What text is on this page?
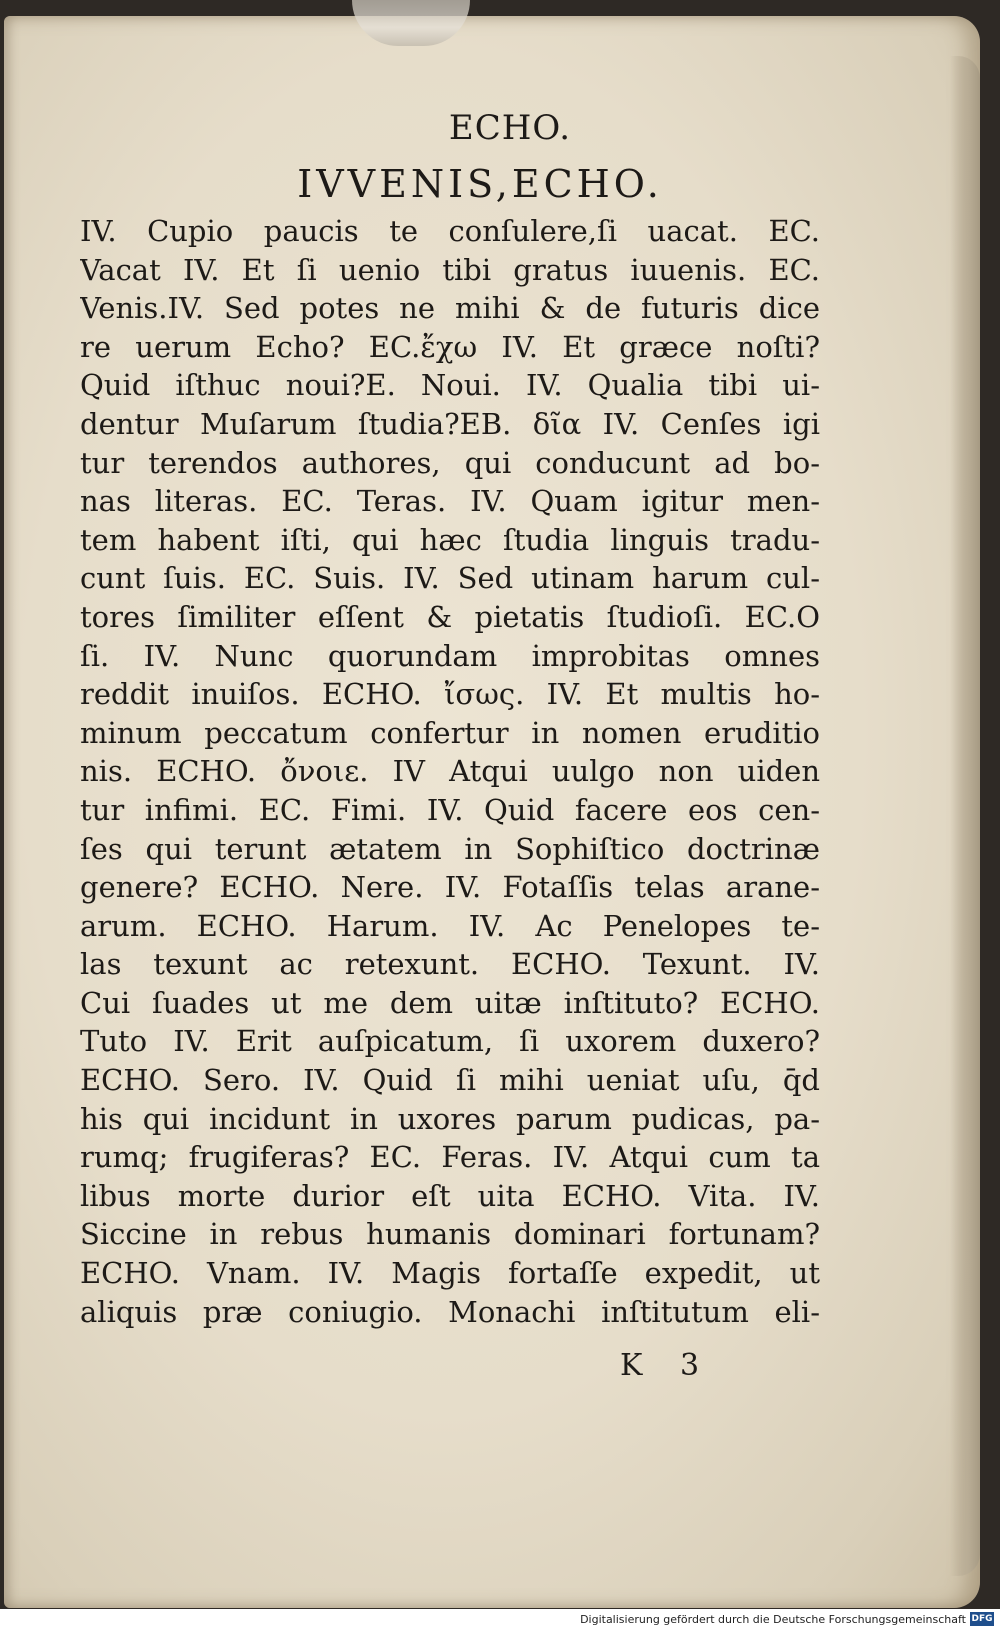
ECHO.
IVVENIS,ECHO.
IV. Cupio paucis te conſulere,ſi uacat. EC.
Vacat IV. Et ſi uenio tibi gratus iuuenis. EC.
Venis.IV. Sed potes ne mihi & de futuris dice
re uerum Echo? EC.ἔχω IV. Et græce noſti?
Quid iſthuc noui?E. Noui. IV. Qualia tibi ui-
dentur Muſarum ſtudia?EB. δῖα IV. Cenſes igi
tur terendos authores, qui conducunt ad bo-
nas literas. EC. Teras. IV. Quam igitur men-
tem habent iſti, qui hæc ſtudia linguis tradu-
cunt ſuis. EC. Suis. IV. Sed utinam harum cul-
tores ſimiliter eſſent & pietatis ſtudioſi. EC.O
ſi. IV. Nunc quorundam improbitas omnes
reddit inuiſos. ECHO. ἴσως. IV. Et multis ho-
minum peccatum confertur in nomen eruditio
nis. ECHO. ὄνοιε. IV Atqui uulgo non uiden
tur infimi. EC. Fimi. IV. Quid facere eos cen-
ſes qui terunt ætatem in Sophiſtico doctrinæ
genere? ECHO. Nere. IV. Fotaſſis telas arane-
arum. ECHO. Harum. IV. Ac Penelopes te-
las texunt ac retexunt. ECHO. Texunt. IV.
Cui ſuades ut me dem uitæ inſtituto? ECHO.
Tuto IV. Erit auſpicatum, ſi uxorem duxero?
ECHO. Sero. IV. Quid ſi mihi ueniat uſu, q̄d
his qui incidunt in uxores parum pudicas, pa-
rumq; frugiferas? EC. Feras. IV. Atqui cum ta
libus morte durior eſt uita ECHO. Vita. IV.
Siccine in rebus humanis dominari fortunam?
ECHO. Vnam. IV. Magis fortaſſe expedit, ut
aliquis præ coniugio. Monachi inſtitutum eli-
K 3
Digitalisierung gefördert durch die Deutsche Forschungsgemeinschaft DFG
